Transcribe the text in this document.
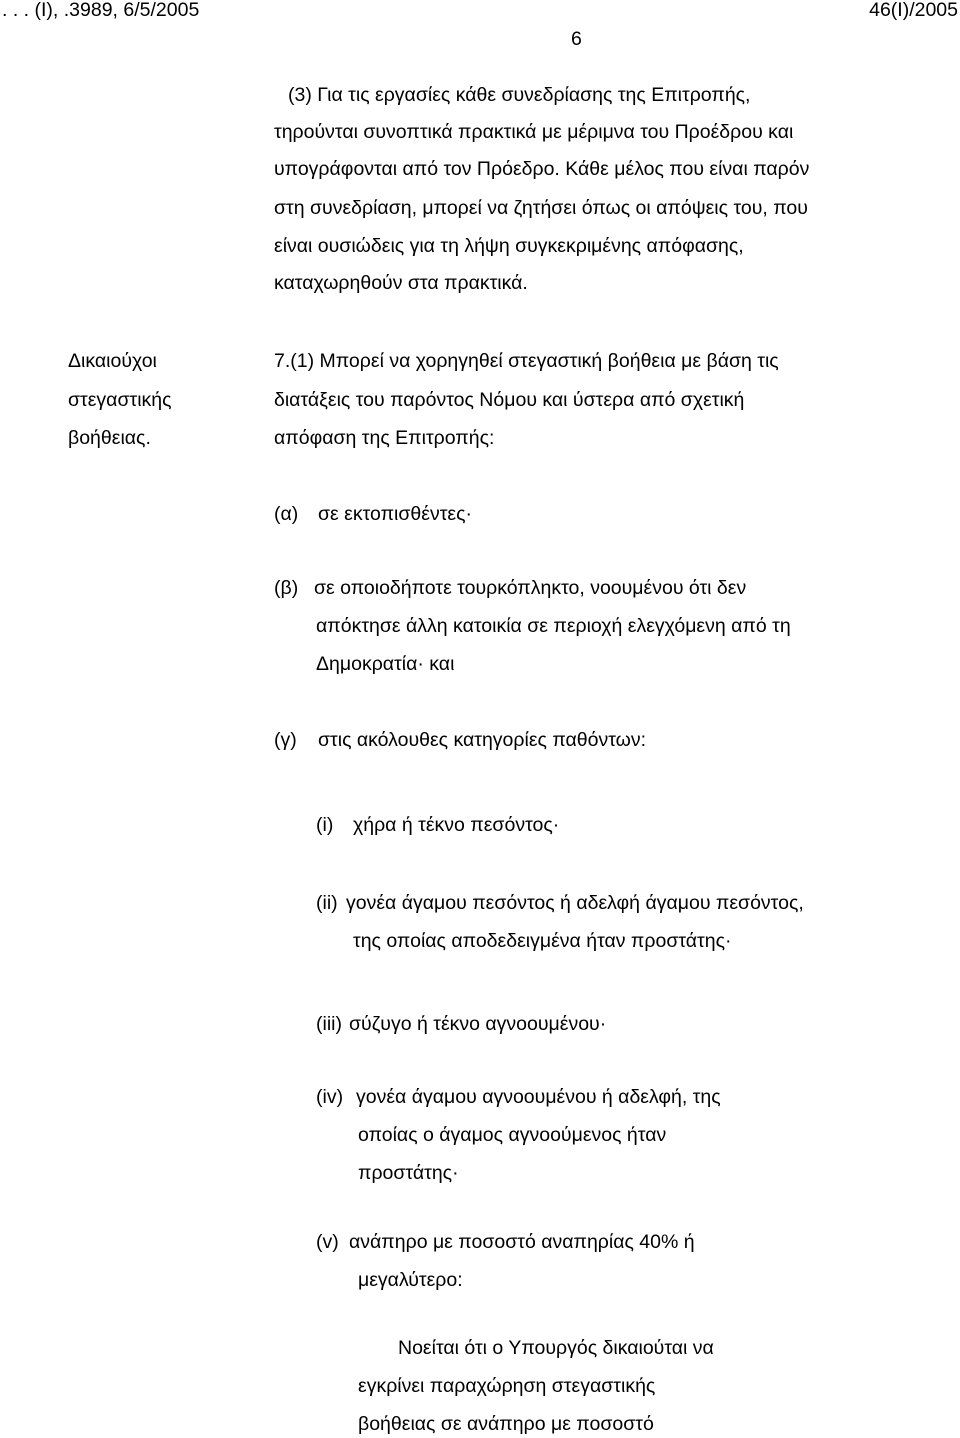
. . . (I), .3989, 6/5/2005	46(I)/2005
6
(3) Για τις εργασίες κάθε συνεδρίασης της Επιτροπής,
τηρούνται συνοπτικά πρακτικά με μέριμνα του Προέδρου και
υπογράφονται από τον Πρόεδρο. Κάθε μέλος που είναι παρόν
στη συνεδρίαση, μπορεί να ζητήσει όπως οι απόψεις του, που
είναι ουσιώδεις για τη λήψη συγκεκριμένης απόφασης,
καταχωρηθούν στα πρακτικά.
Δικαιούχοι
στεγαστικής
βοήθειας.
7.(1) Μπορεί να χορηγηθεί στεγαστική βοήθεια με βάση τις
διατάξεις του παρόντος Νόμου και ύστερα από σχετική
απόφαση της Επιτροπής:
(α) σε εκτοπισθέντες·
(β) σε οποιοδήποτε τουρκόπληκτο, νοουμένου ότι δεν
απόκτησε άλλη κατοικία σε περιοχή ελεγχόμενη από τη
Δημοκρατία· και
(γ) στις ακόλουθες κατηγορίες παθόντων:
(i) χήρα ή τέκνο πεσόντος·
(ii) γονέα άγαμου πεσόντος ή αδελφή άγαμου πεσόντος,
της οποίας αποδεδειγμένα ήταν προστάτης·
(iii) σύζυγο ή τέκνο αγνοουμένου·
(iv) γονέα άγαμου αγνοουμένου ή αδελφή, της
οποίας ο άγαμος αγνοούμενος ήταν
προστάτης·
(v) ανάπηρο με ποσοστό αναπηρίας 40% ή
μεγαλύτερο:
Νοείται ότι ο Υπουργός δικαιούται να
εγκρίνει παραχώρηση στεγαστικής
βοήθειας σε ανάπηρο με ποσοστό
